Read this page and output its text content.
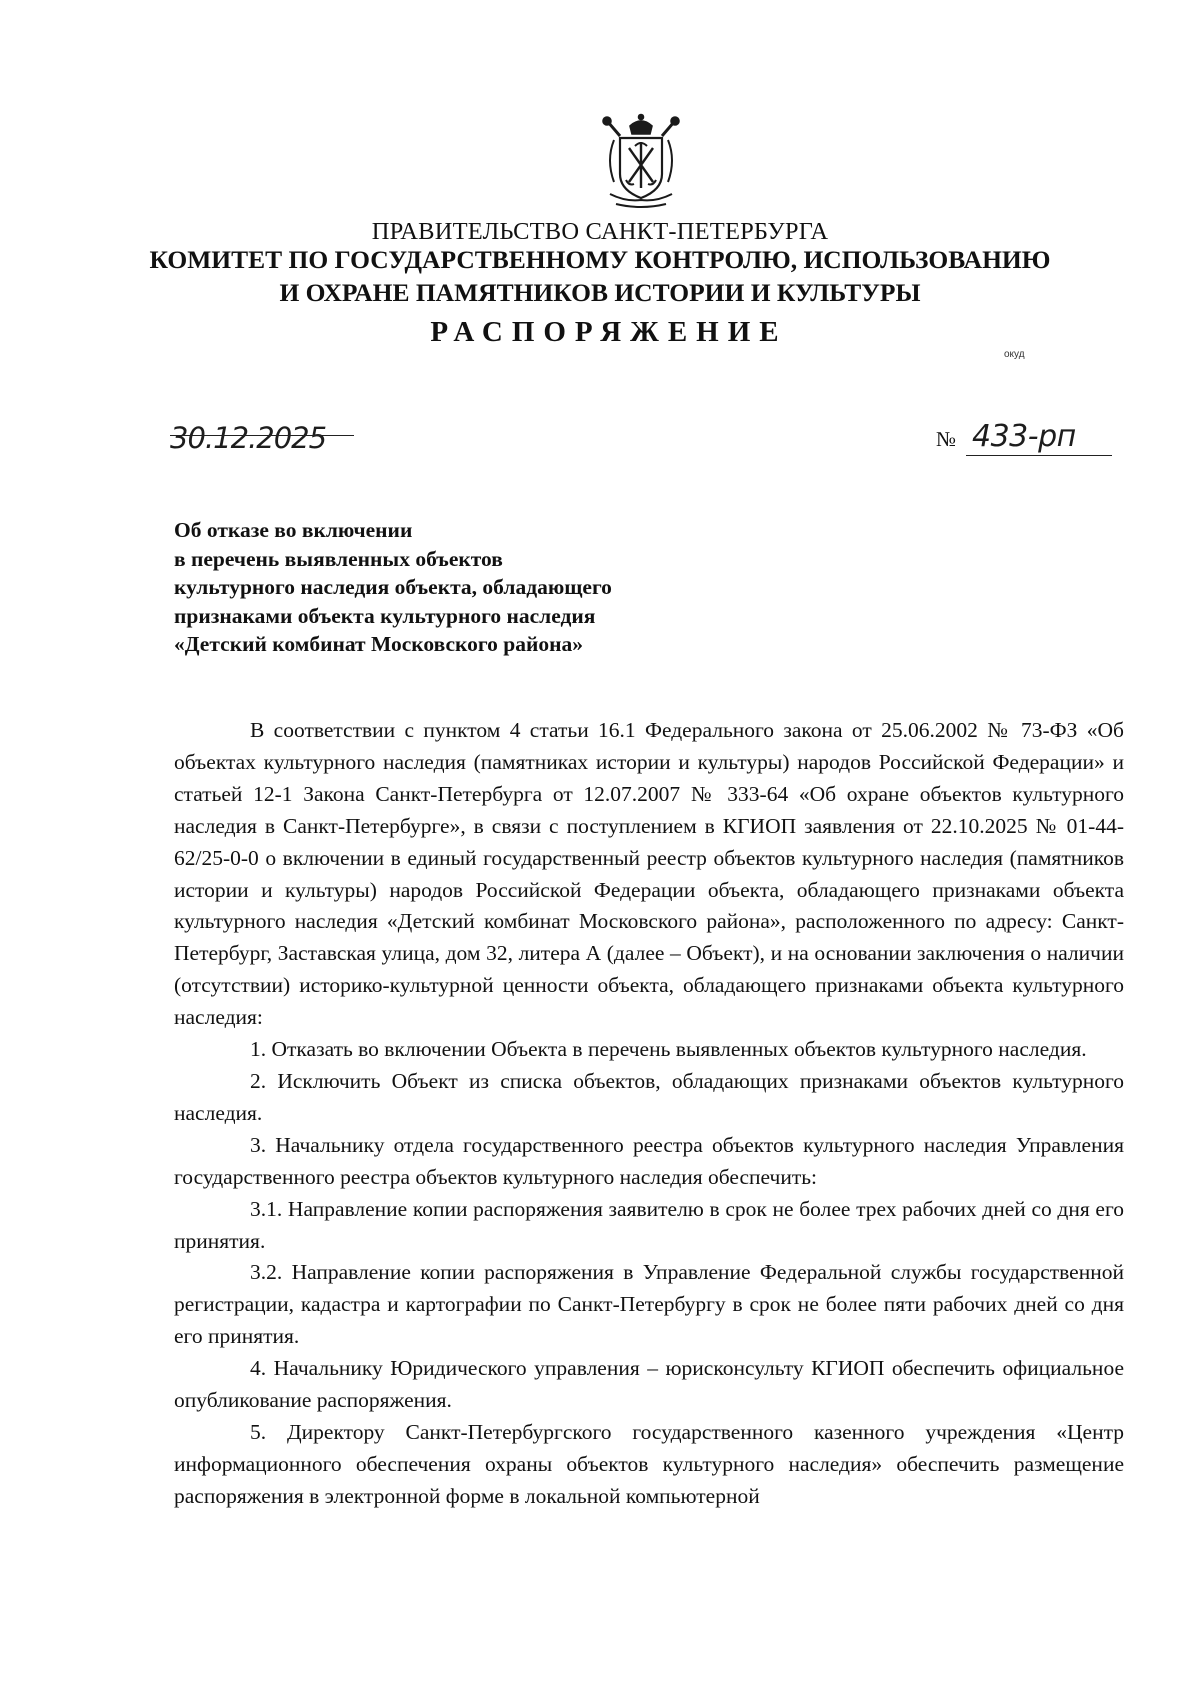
ПРАВИТЕЛЬСТВО САНКТ-ПЕТЕРБУРГА
КОМИТЕТ ПО ГОСУДАРСТВЕННОМУ КОНТРОЛЮ, ИСПОЛЬЗОВАНИЮ
И ОХРАНЕ ПАМЯТНИКОВ ИСТОРИИ И КУЛЬТУРЫ
РАСПОРЯЖЕНИЕ
окуд
30.12.2025	№ 433-рп
Об отказе во включении
в перечень выявленных объектов
культурного наследия объекта, обладающего
признаками объекта культурного наследия
«Детский комбинат Московского района»

В соответствии с пунктом 4 статьи 16.1 Федерального закона от 25.06.2002 № 73-ФЗ «Об объектах культурного наследия (памятниках истории и культуры) народов Российской Федерации» и статьей 12-1 Закона Санкт-Петербурга от 12.07.2007 № 333-64 «Об охране объектов культурного наследия в Санкт-Петербурге», в связи с поступлением в КГИОП заявления от 22.10.2025 № 01-44-62/25-0-0 о включении в единый государственный реестр объектов культурного наследия (памятников истории и культуры) народов Российской Федерации объекта, обладающего признаками объекта культурного наследия «Детский комбинат Московского района», расположенного по адресу: Санкт-Петербург, Заставская улица, дом 32, литера А (далее – Объект), и на основании заключения о наличии (отсутствии) историко-культурной ценности объекта, обладающего признаками объекта культурного наследия:

1. Отказать во включении Объекта в перечень выявленных объектов культурного наследия.

2. Исключить Объект из списка объектов, обладающих признаками объектов культурного наследия.

3. Начальнику отдела государственного реестра объектов культурного наследия Управления государственного реестра объектов культурного наследия обеспечить:

3.1. Направление копии распоряжения заявителю в срок не более трех рабочих дней со дня его принятия.

3.2. Направление копии распоряжения в Управление Федеральной службы государственной регистрации, кадастра и картографии по Санкт-Петербургу в срок не более пяти рабочих дней со дня его принятия.

4. Начальнику Юридического управления – юрисконсульту КГИОП обеспечить официальное опубликование распоряжения.

5. Директору Санкт-Петербургского государственного казенного учреждения «Центр информационного обеспечения охраны объектов культурного наследия» обеспечить размещение распоряжения в электронной форме в локальной компьютерной
